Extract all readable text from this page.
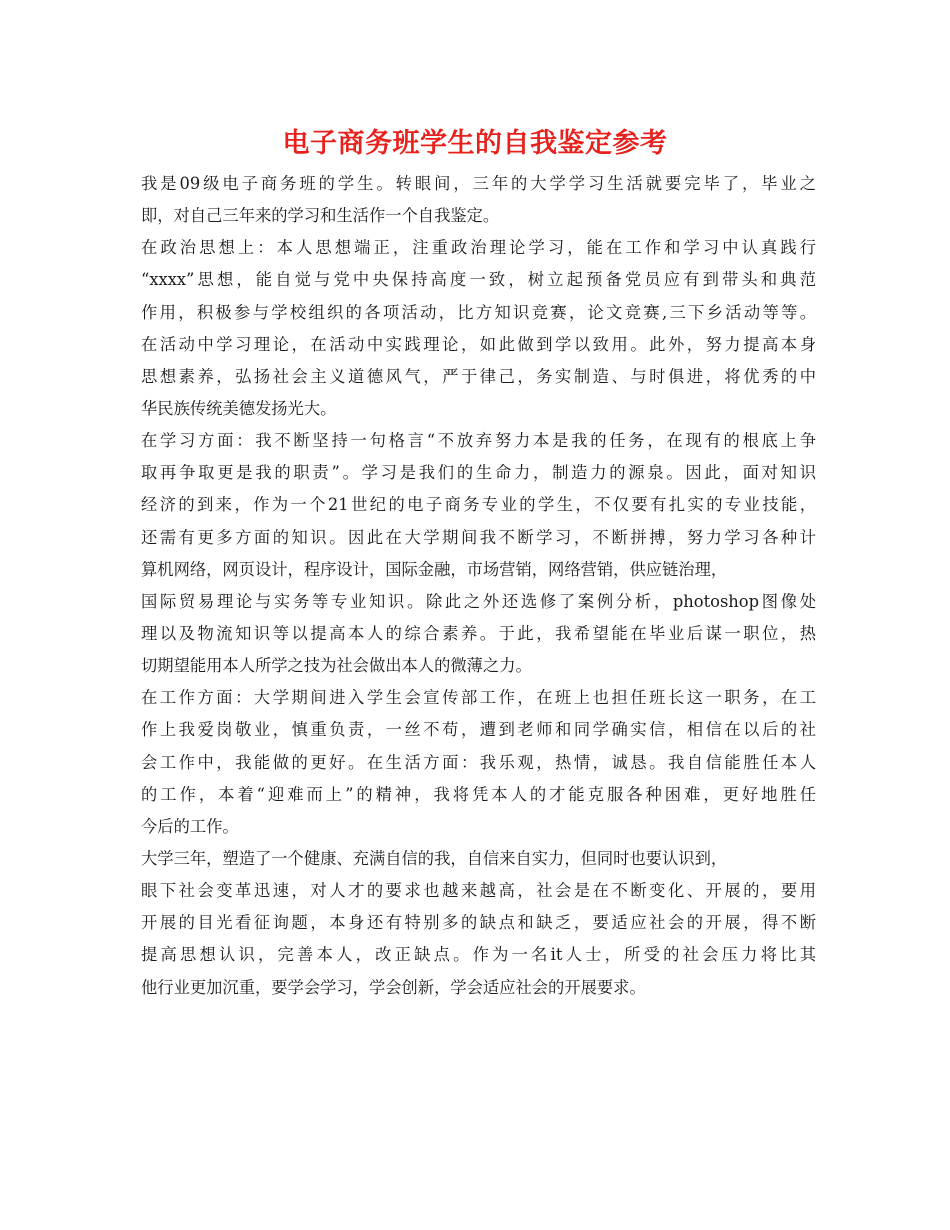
电子商务班学生的自我鉴定参考
我是09级电子商务班的学生。转眼间，三年的大学学习生活就要完毕了，毕业之
即，对自己三年来的学习和生活作一个自我鉴定。
在政治思想上：本人思想端正，注重政治理论学习，能在工作和学习中认真践行
“xxxx”思想，能自觉与党中央保持高度一致，树立起预备党员应有到带头和典范
作用，积极参与学校组织的各项活动，比方知识竞赛，论文竞赛,三下乡活动等等。
在活动中学习理论，在活动中实践理论，如此做到学以致用。此外，努力提高本身
思想素养，弘扬社会主义道德风气，严于律己，务实制造、与时俱进，将优秀的中
华民族传统美德发扬光大。
在学习方面：我不断坚持一句格言“不放弃努力本是我的任务，在现有的根底上争
取再争取更是我的职责”。学习是我们的生命力，制造力的源泉。因此，面对知识
经济的到来，作为一个21世纪的电子商务专业的学生，不仅要有扎实的专业技能，
还需有更多方面的知识。因此在大学期间我不断学习，不断拼搏，努力学习各种计
算机网络，网页设计，程序设计，国际金融，市场营销，网络营销，供应链治理，
国际贸易理论与实务等专业知识。除此之外还选修了案例分析，photoshop图像处
理以及物流知识等以提高本人的综合素养。于此，我希望能在毕业后谋一职位，热
切期望能用本人所学之技为社会做出本人的微薄之力。
在工作方面：大学期间进入学生会宣传部工作，在班上也担任班长这一职务，在工
作上我爱岗敬业，慎重负责，一丝不苟，遭到老师和同学确实信，相信在以后的社
会工作中，我能做的更好。在生活方面：我乐观，热情，诚恳。我自信能胜任本人
的工作，本着“迎难而上”的精神，我将凭本人的才能克服各种困难，更好地胜任
今后的工作。
大学三年，塑造了一个健康、充满自信的我，自信来自实力，但同时也要认识到，
眼下社会变革迅速，对人才的要求也越来越高，社会是在不断变化、开展的，要用
开展的目光看征询题，本身还有特别多的缺点和缺乏，要适应社会的开展，得不断
提高思想认识，完善本人，改正缺点。作为一名it人士，所受的社会压力将比其
他行业更加沉重，要学会学习，学会创新，学会适应社会的开展要求。
